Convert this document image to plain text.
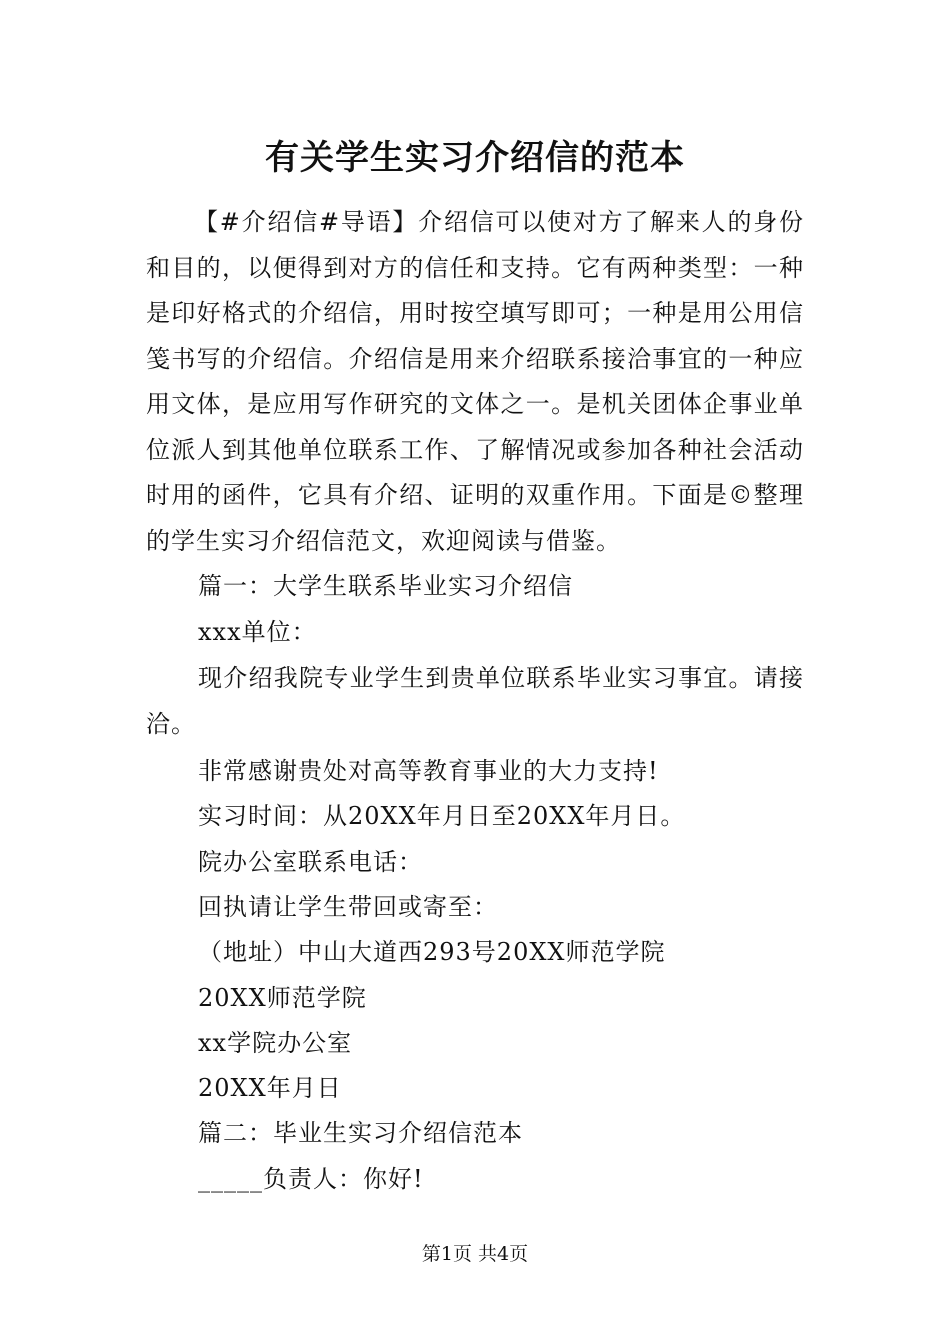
有关学生实习介绍信的范本
【#介绍信#导语】介绍信可以使对方了解来人的身份和目的，以便得到对方的信任和支持。它有两种类型：一种是印好格式的介绍信，用时按空填写即可；一种是用公用信笺书写的介绍信。介绍信是用来介绍联系接洽事宜的一种应用文体，是应用写作研究的文体之一。是机关团体企事业单位派人到其他单位联系工作、了解情况或参加各种社会活动时用的函件，它具有介绍、证明的双重作用。下面是©整理的学生实习介绍信范文，欢迎阅读与借鉴。
篇一：大学生联系毕业实习介绍信
xxx单位：
现介绍我院专业学生到贵单位联系毕业实习事宜。请接洽。
非常感谢贵处对高等教育事业的大力支持!
实习时间：从20XX年月日至20XX年月日。
院办公室联系电话：
回执请让学生带回或寄至：
（地址）中山大道西293号20XX师范学院
20XX师范学院
xx学院办公室
20XX年月日
篇二：毕业生实习介绍信范本
_____负责人：你好!
第1页 共4页
